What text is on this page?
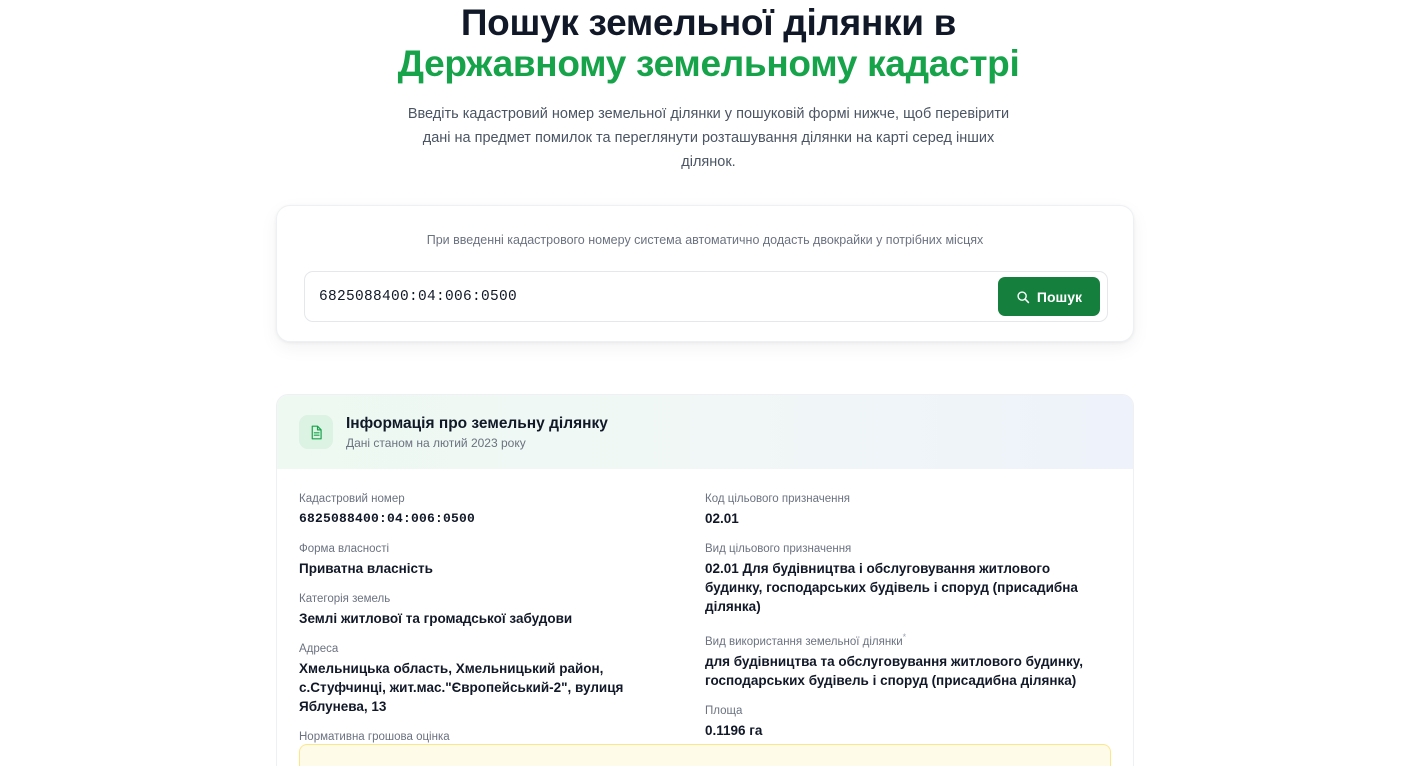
Пошук земельної ділянки в
Державному земельному кадастрі

Введіть кадастровий номер земельної ділянки у пошуковій формі нижче, щоб перевірити дані на предмет помилок та переглянути розташування ділянки на карті серед інших ділянок.

При введенні кадастрового номеру система автоматично додасть двокрайки у потрібних місцях
6825088400:04:006:0500
Пошук
Інформація про земельну ділянку
Дані станом на лютий 2023 року
Кадастровий номер
6825088400:04:006:0500
Форма власності
Приватна власність
Категорія земель
Землі житлової та громадської забудови
Адреса
Хмельницька область, Хмельницький район, с.Стуфчинці, жит.мас."Європейський-2", вулиця Яблунева, 13
Нормативна грошова оцінка
Код цільового призначення
02.01
Вид цільового призначення
02.01 Для будівництва і обслуговування житлового будинку, господарських будівель і споруд (присадибна ділянка)
Вид використання земельної ділянки*
для будівництва та обслуговування житлового будинку, господарських будівель і споруд (присадибна ділянка)
Площа
0.1196 га
